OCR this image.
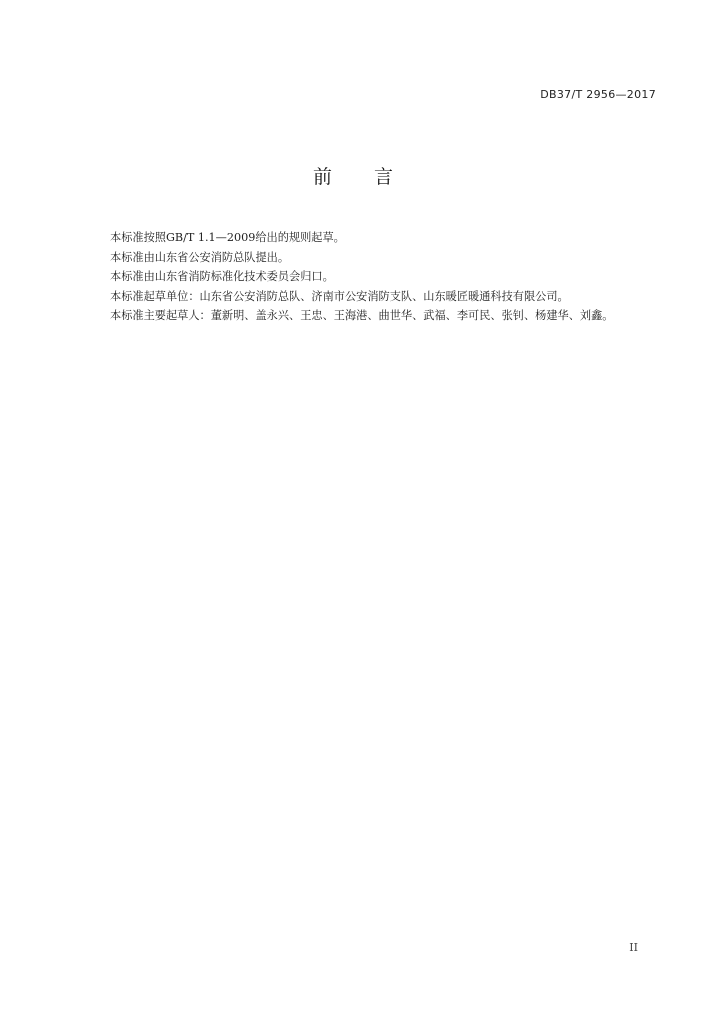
DB37/T 2956—2017
前 言

本标准按照GB/T 1.1—2009给出的规则起草。

本标准由山东省公安消防总队提出。

本标准由山东省消防标准化技术委员会归口。

本标准起草单位：山东省公安消防总队、济南市公安消防支队、山东暖匠暖通科技有限公司。

本标准主要起草人：董新明、盖永兴、王忠、王海港、曲世华、武福、李可民、张钊、杨建华、刘鑫。

II
